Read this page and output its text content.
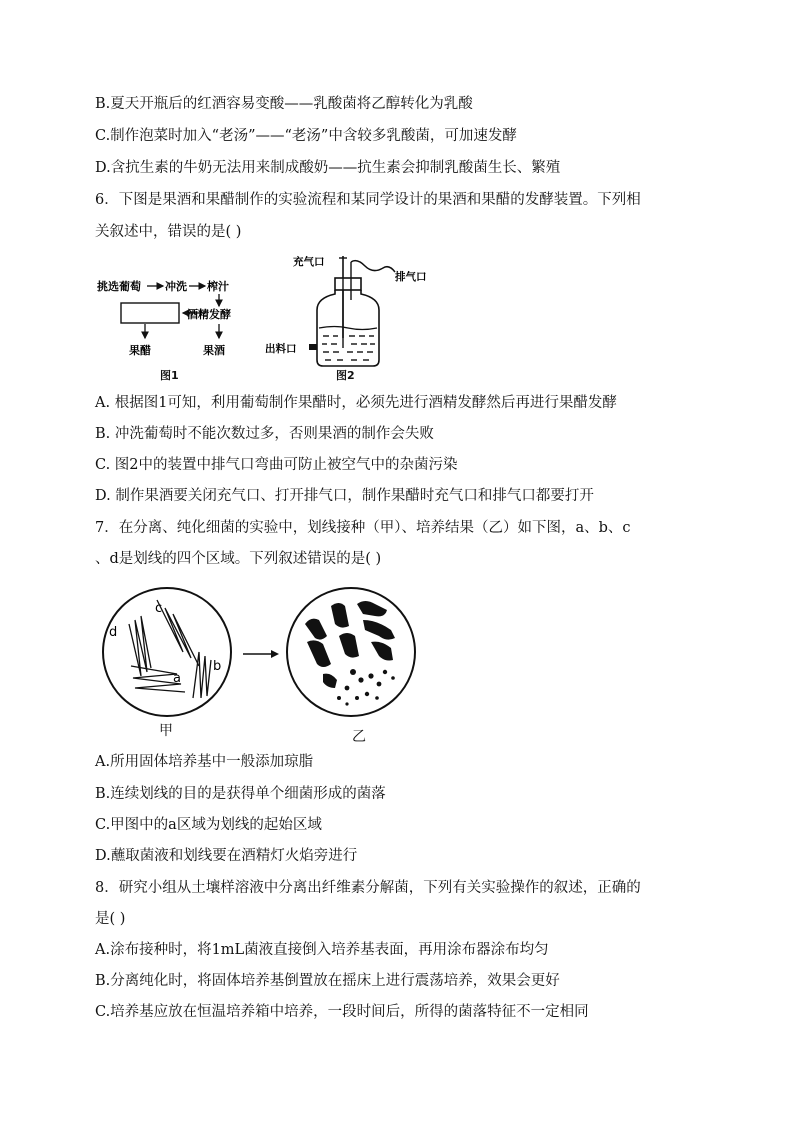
B.夏天开瓶后的红酒容易变酸——乳酸菌将乙醇转化为乳酸
C.制作泡菜时加入“老汤”——“老汤”中含较多乳酸菌，可加速发酵
D.含抗生素的牛奶无法用来制成酸奶——抗生素会抑制乳酸菌生长、繁殖
6．下图是果酒和果醋制作的实验流程和某同学设计的果酒和果醋的发酵装置。下列相
关叙述中，错误的是( )
挑选葡萄 冲洗 榨汁
酒精发酵
果醋	果酒
图1
充气口
排气口
出料口
图2
A. 根据图1可知，利用葡萄制作果醋时，必须先进行酒精发酵然后再进行果醋发酵
B. 冲洗葡萄时不能次数过多，否则果酒的制作会失败
C. 图2中的装置中排气口弯曲可防止被空气中的杂菌污染
D. 制作果酒要关闭充气口、打开排气口，制作果醋时充气口和排气口都要打开
7．在分离、纯化细菌的实验中，划线接种（甲）、培养结果（乙）如下图，a、b、c
、d是划线的四个区域。下列叙述错误的是( )
c
d
a
b
甲	乙
A.所用固体培养基中一般添加琼脂
B.连续划线的目的是获得单个细菌形成的菌落
C.甲图中的a区域为划线的起始区域
D.蘸取菌液和划线要在酒精灯火焰旁进行
8．研究小组从土壤样溶液中分离出纤维素分解菌，下列有关实验操作的叙述，正确的
是( )
A.涂布接种时，将1mL菌液直接倒入培养基表面，再用涂布器涂布均匀
B.分离纯化时，将固体培养基倒置放在摇床上进行震荡培养，效果会更好
C.培养基应放在恒温培养箱中培养，一段时间后，所得的菌落特征不一定相同
